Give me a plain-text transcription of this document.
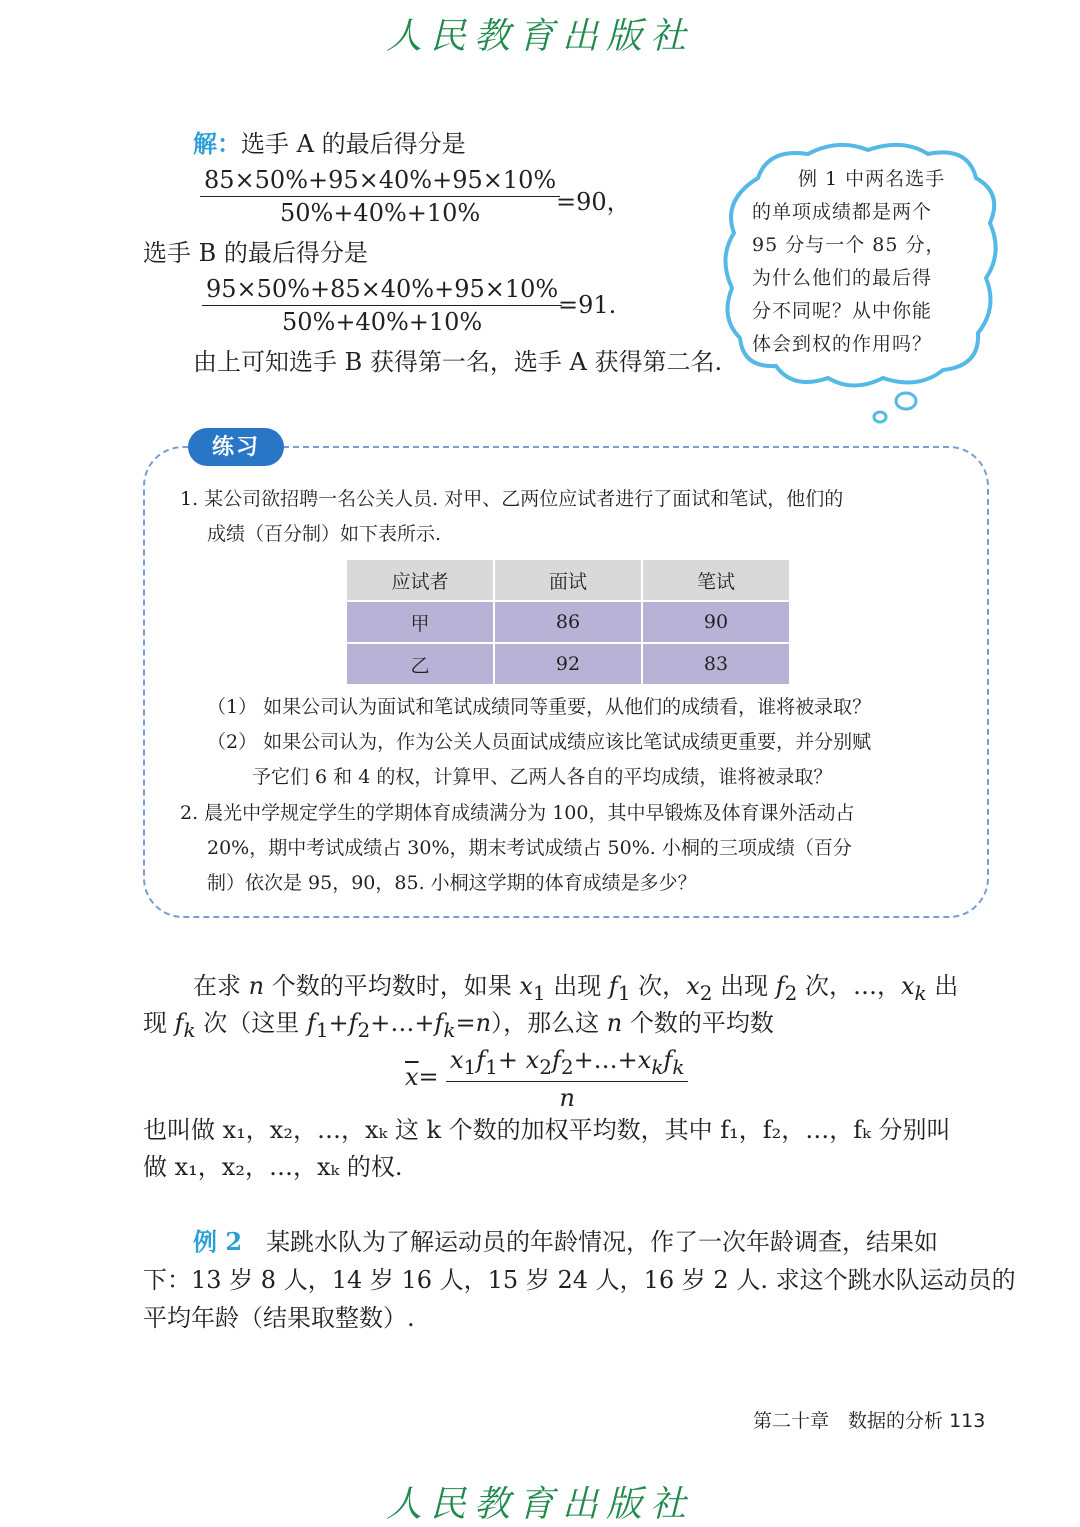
人民教育出版社
解：选手 A 的最后得分是
$\frac{85\times 50\%+95\times 40\%+95\times 10\%}{50\%+40\%+10\%}$
=90，
选手 B 的最后得分是
$\frac{95\times 50\%+85\times 40\%+95\times 10\%}{50\%+40\%+10\%}$
=91.
由上可知选手 B 获得第一名，选手 A 获得第二名.
例 1 中两名选手
的单项成绩都是两个
95 分与一个 85 分，
为什么他们的最后得
分不同呢？从中你能
体会到权的作用吗？
练习
1. 某公司欲招聘一名公关人员. 对甲、乙两位应试者进行了面试和笔试，他们的
成绩（百分制）如下表所示.
应试者	面试	笔试
甲	86	90
乙	92	83
（1） 如果公司认为面试和笔试成绩同等重要，从他们的成绩看，谁将被录取？
（2） 如果公司认为，作为公关人员面试成绩应该比笔试成绩更重要，并分别赋
予它们 6 和 4 的权，计算甲、乙两人各自的平均成绩，谁将被录取？
2. 晨光中学规定学生的学期体育成绩满分为 100，其中早锻炼及体育课外活动占
20%，期中考试成绩占 30%，期末考试成绩占 50%. 小桐的三项成绩（百分
制）依次是 95，90，85. 小桐这学期的体育成绩是多少？
在求 n 个数的平均数时，如果 $x_1$ 出现 $f_1$ 次，$x_2$ 出现 $f_2$ 次，…，$x_k$ 出
现 $f_k$ 次（这里 $f_1+f_2+\dots+f_k=n$），那么这 n 个数的平均数
$\overline{x}=$
$x_1f_1+$ $x_2f_2+\dots+x_kf_k$
n
也叫做 x₁，x₂，…，xₖ 这 k 个数的加权平均数，其中 f₁，f₂，…，fₖ 分别叫
做 x₁，x₂，…，xₖ 的权.
例 2　 某跳水队为了解运动员的年龄情况，作了一次年龄调查，结果如
下：13 岁 8 人，14 岁 16 人，15 岁 24 人，16 岁 2 人. 求这个跳水队运动员的
平均年龄（结果取整数）.
第二十章　数据的分析 113
人民教育出版社
